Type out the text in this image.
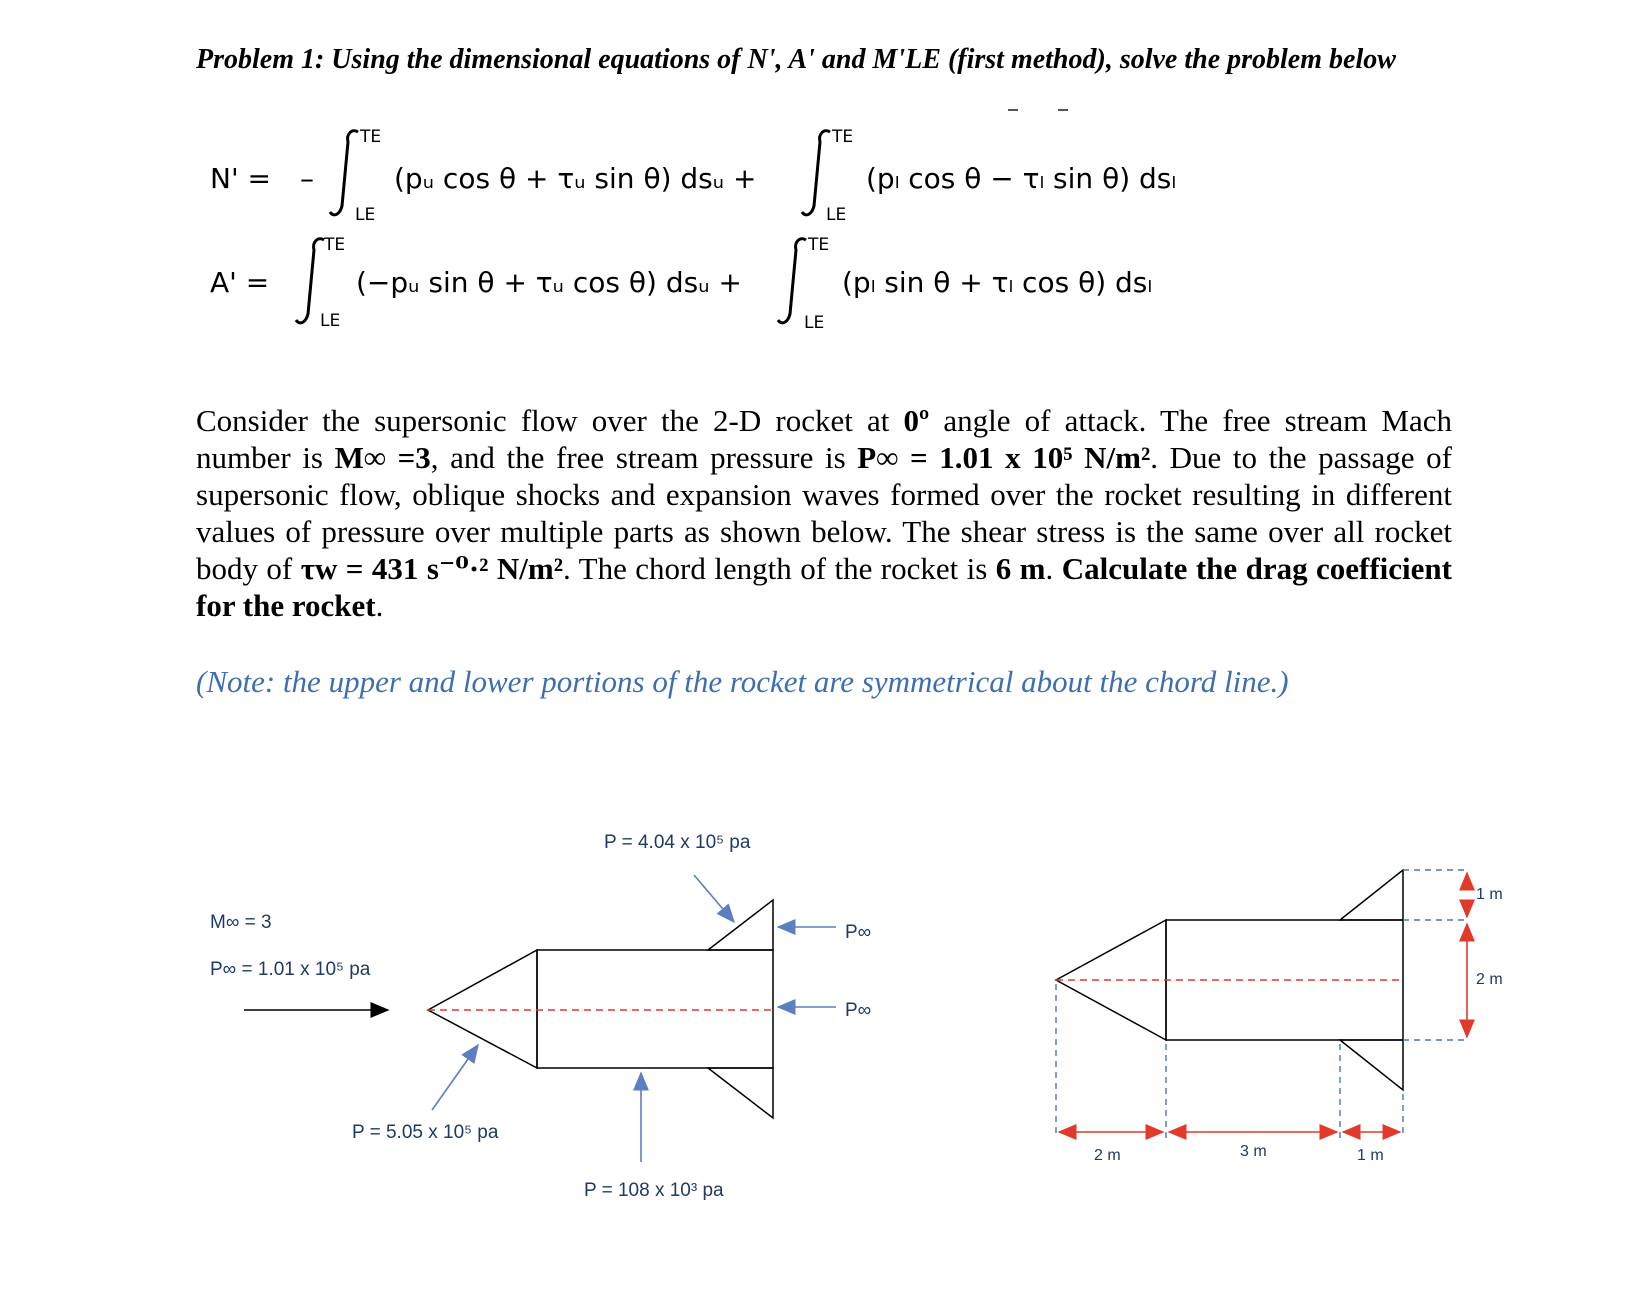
Problem 1: Using the dimensional equations of N', A' and M'LE (first method), solve the problem below
N' = –
TE
LE
(pᵤ cos θ + τᵤ sin θ) dsᵤ +
TE
LE
(pₗ cos θ − τₗ sin θ) dsₗ
A' =
TE
LE
(−pᵤ sin θ + τᵤ cos θ) dsᵤ +
TE
LE
(pₗ sin θ + τₗ cos θ) dsₗ
P = 4.04 x 10⁵ pa
M∞ = 3
P∞ = 1.01 x 10⁵ pa
P∞
P∞
P = 5.05 x 10⁵ pa
P = 108 x 10³ pa
1 m
2 m
2 m	3 m	1 m
Consider the supersonic flow over the 2-D rocket at 0º angle of attack. The free stream Mach number is M∞ =3, and the free stream pressure is P∞ = 1.01 x 10⁵ N/m². Due to the passage of supersonic flow, oblique shocks and expansion waves formed over the rocket resulting in different values of pressure over multiple parts as shown below. The shear stress is the same over all rocket body of τw = 431 s⁻⁰·² N/m². The chord length of the rocket is 6 m. Calculate the drag coefficient for the rocket.
(Note: the upper and lower portions of the rocket are symmetrical about the chord line.)
